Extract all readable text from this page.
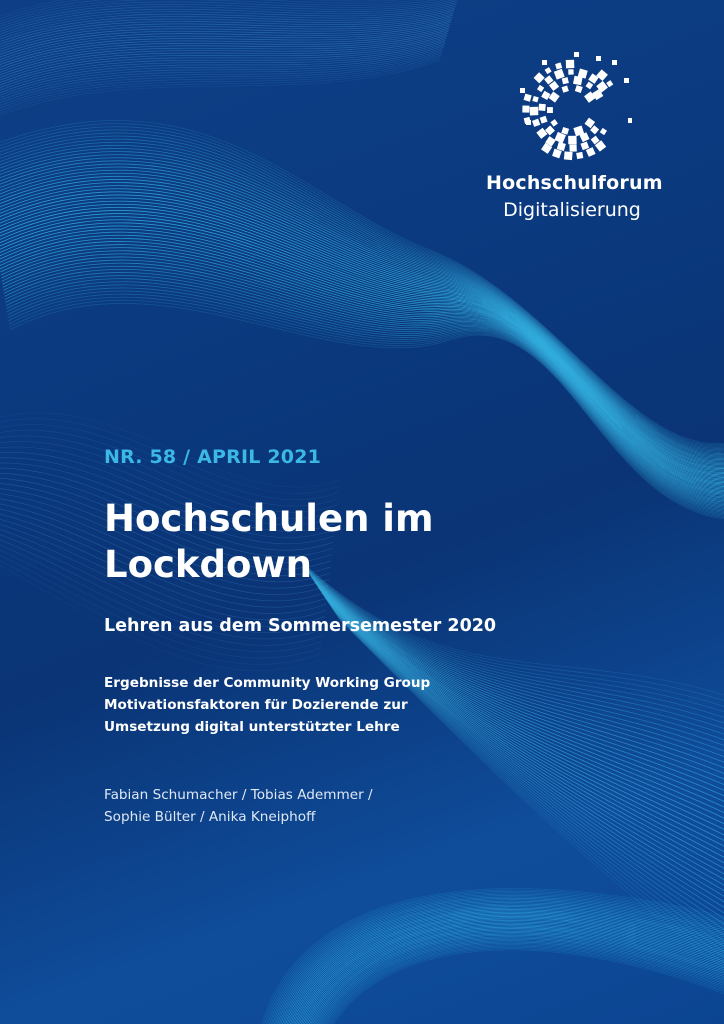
Hochschulforum
Digitalisierung
NR. 58 / APRIL 2021
Hochschulen im
Lockdown
Lehren aus dem Sommersemester 2020

Ergebnisse der Community Working Group
Motivationsfaktoren für Dozierende zur
Umsetzung digital unterstützter Lehre

Fabian Schumacher / Tobias Ademmer /
Sophie Bülter / Anika Kneiphoff
